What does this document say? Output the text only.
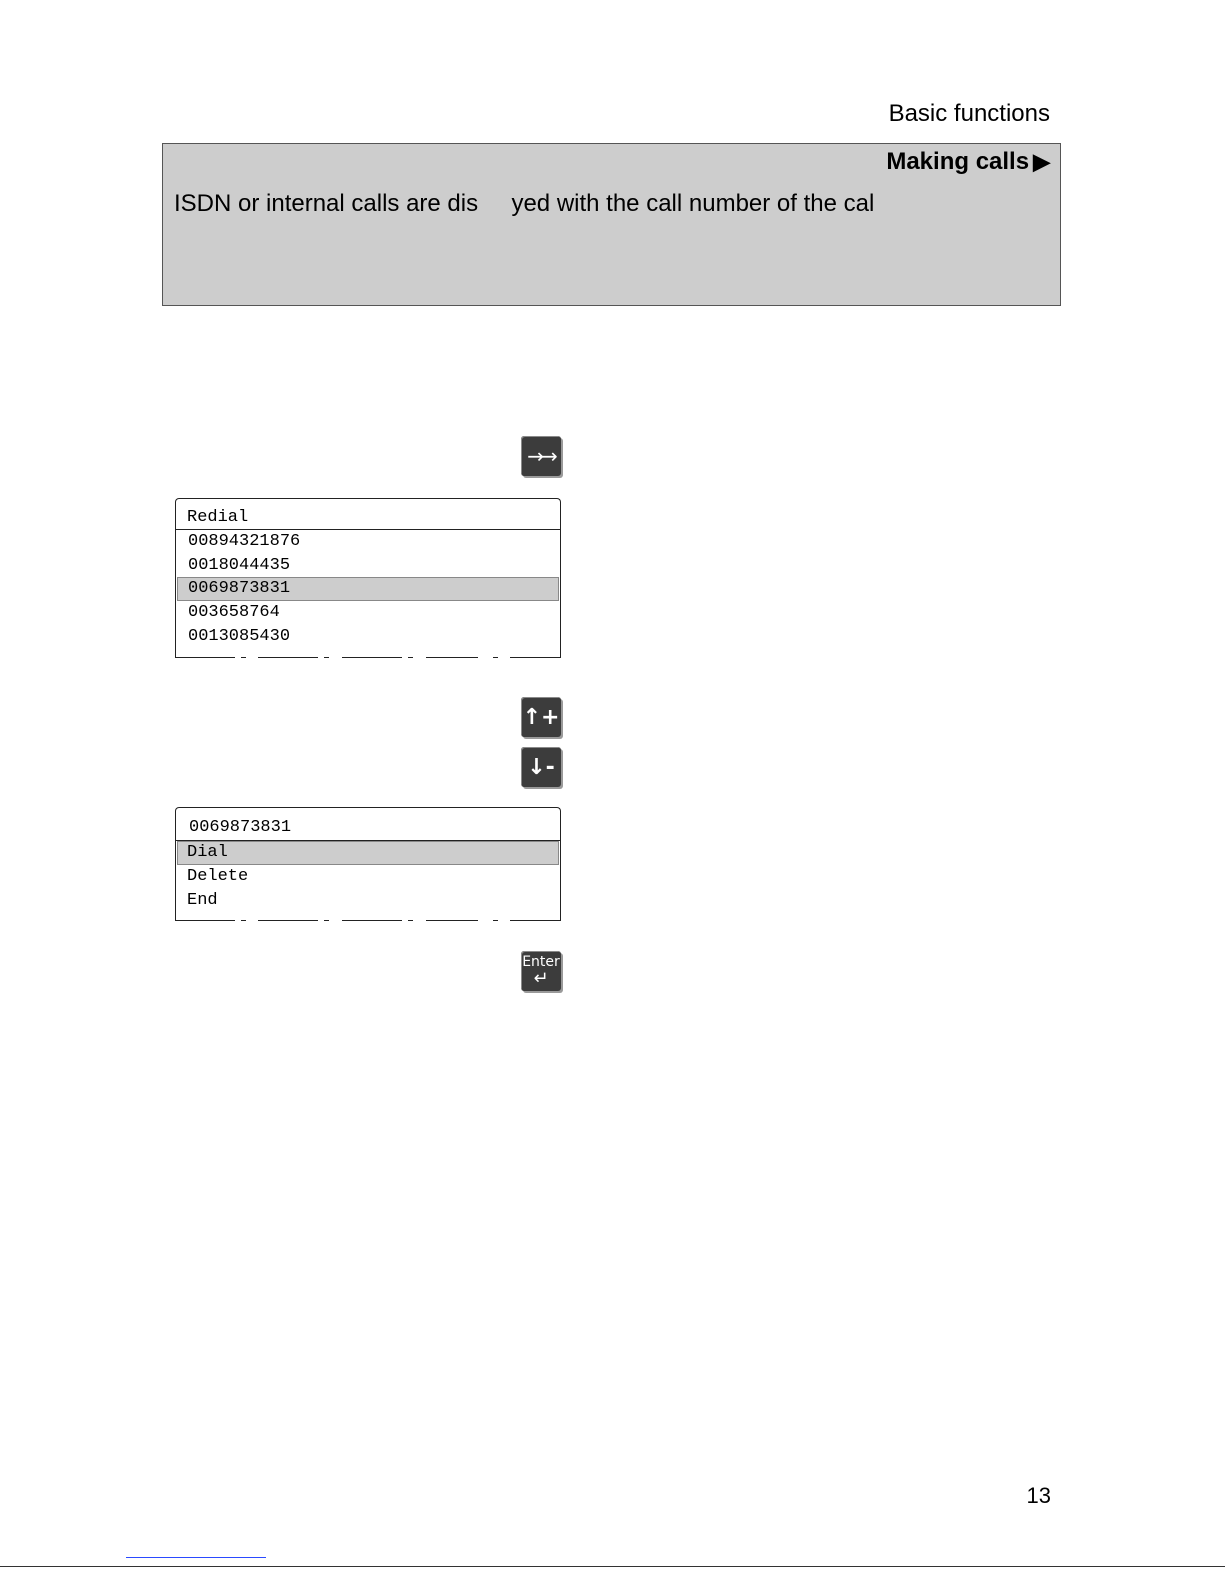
Basic functions
Making calls ▶
ISDN or internal calls are dis     yed with the call number of the cal
→→
Redial
00894321876
0018044435
0069873831
003658764
0013085430
↑+
↓-
0069873831
Dial
Delete
End
Enter
↵
13
